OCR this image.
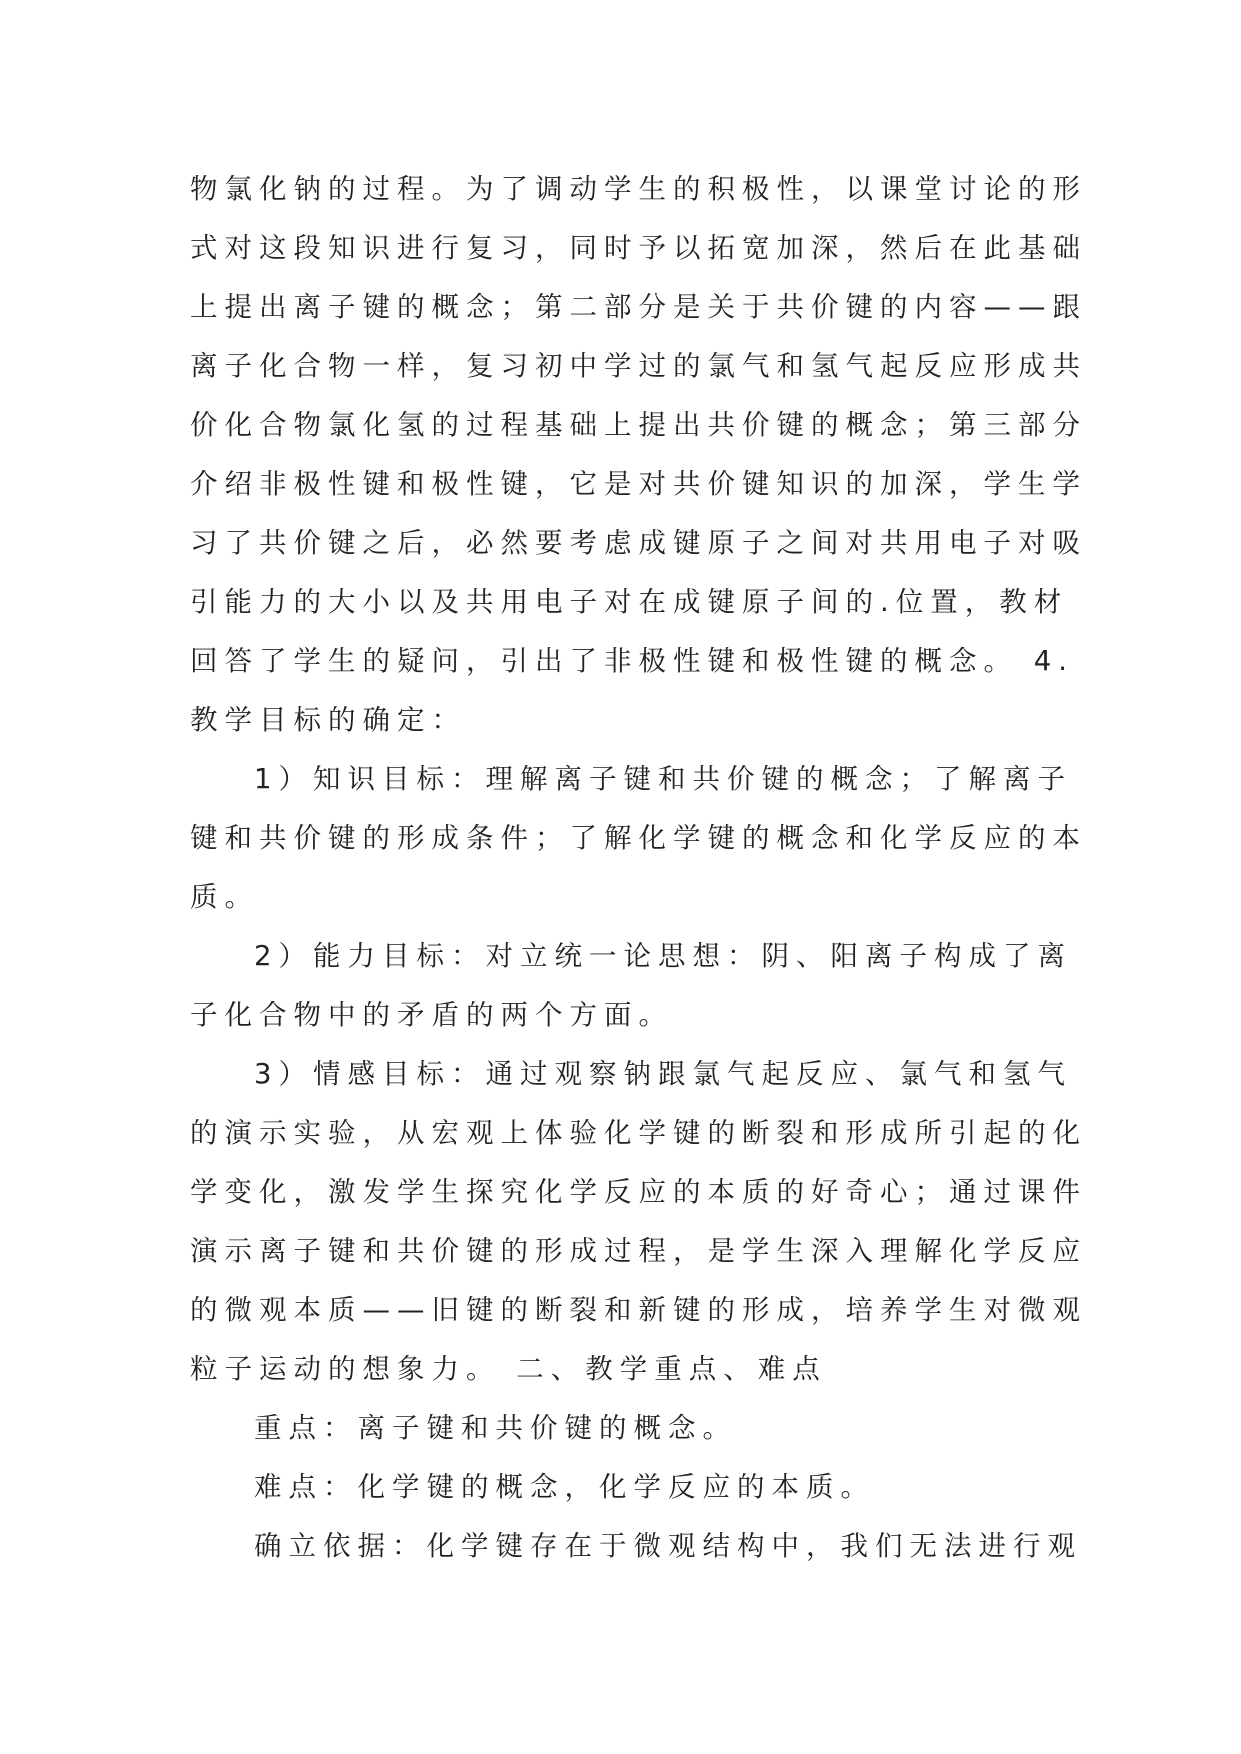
物氯化钠的过程。为了调动学生的积极性，以课堂讨论的形
式对这段知识进行复习，同时予以拓宽加深，然后在此基础
上提出离子键的概念；第二部分是关于共价键的内容——跟
离子化合物一样，复习初中学过的氯气和氢气起反应形成共
价化合物氯化氢的过程基础上提出共价键的概念；第三部分
介绍非极性键和极性键，它是对共价键知识的加深，学生学
习了共价键之后，必然要考虑成键原子之间对共用电子对吸
引能力的大小以及共用电子对在成键原子间的.位置，教材
回答了学生的疑问，引出了非极性键和极性键的概念。 4.
教学目标的确定：
1）知识目标：理解离子键和共价键的概念；了解离子
键和共价键的形成条件；了解化学键的概念和化学反应的本
质。
2）能力目标：对立统一论思想：阴、阳离子构成了离
子化合物中的矛盾的两个方面。
3）情感目标：通过观察钠跟氯气起反应、氯气和氢气
的演示实验，从宏观上体验化学键的断裂和形成所引起的化
学变化，激发学生探究化学反应的本质的好奇心；通过课件
演示离子键和共价键的形成过程，是学生深入理解化学反应
的微观本质——旧键的断裂和新键的形成，培养学生对微观
粒子运动的想象力。 二、教学重点、难点
重点：离子键和共价键的概念。
难点：化学键的概念，化学反应的本质。
确立依据：化学键存在于微观结构中，我们无法进行观
